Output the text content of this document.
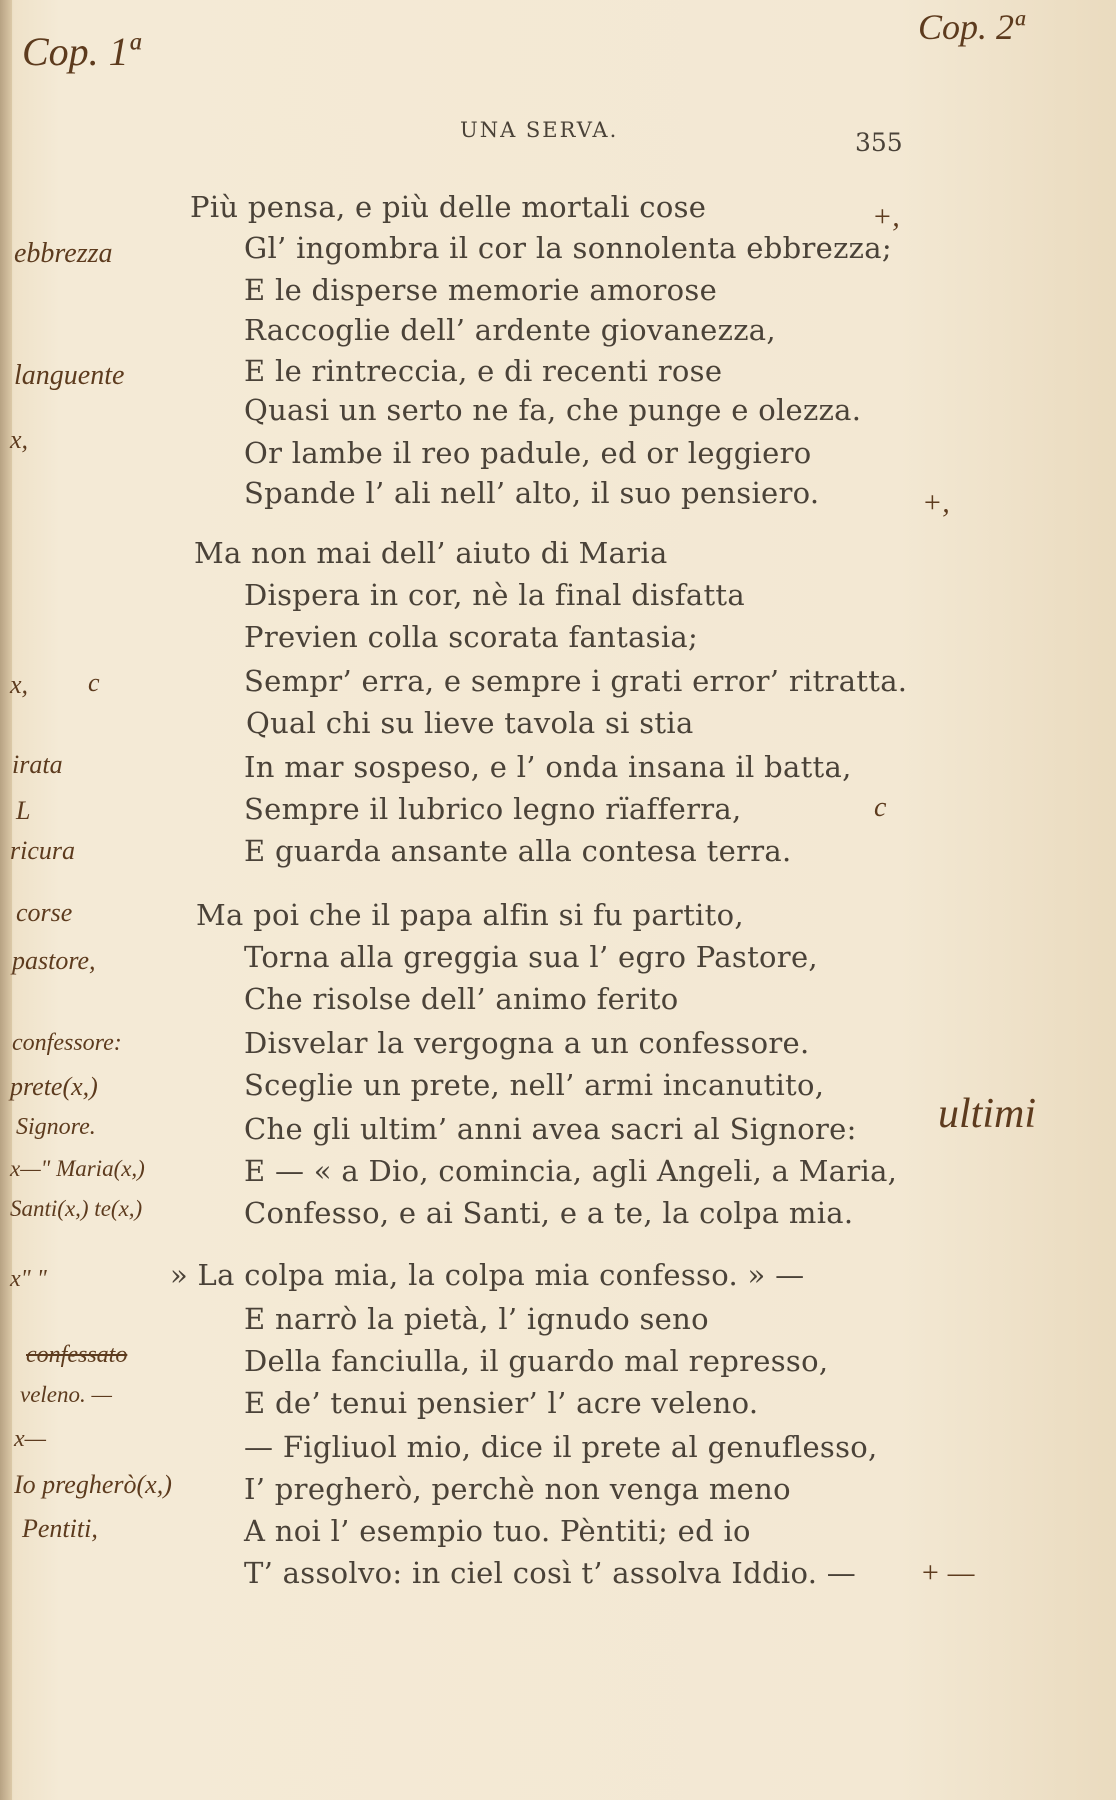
Cop. 1ª
Cop. 2ª
UNA SERVA.	355
Più pensa, e più delle mortali cose
Gl’ ingombra il cor la sonnolenta ebbrezza;
E le disperse memorie amorose
Raccoglie dell’ ardente giovanezza,
E le rintreccia, e di recenti rose
Quasi un serto ne fa, che punge e olezza.
Or lambe il reo padule, ed or leggiero
Spande l’ ali nell’ alto, il suo pensiero.
Ma non mai dell’ aiuto di Maria
Dispera in cor, nè la final disfatta
Previen colla scorata fantasia;
Sempr’ erra, e sempre i grati error’ ritratta.
Qual chi su lieve tavola si stia
In mar sospeso, e l’ onda insana il batta,
Sempre il lubrico legno rïafferra,
E guarda ansante alla contesa terra.
Ma poi che il papa alfin si fu partito,
Torna alla greggia sua l’ egro Pastore,
Che risolse dell’ animo ferito
Disvelar la vergogna a un confessore.
Sceglie un prete, nell’ armi incanutito,
Che gli ultim’ anni avea sacri al Signore:
E — « a Dio, comincia, agli Angeli, a Maria,
Confesso, e ai Santi, e a te, la colpa mia.
» La colpa mia, la colpa mia confesso. » —
E narrò la pietà, l’ ignudo seno
Della fanciulla, il guardo mal represso,
E de’ tenui pensier’ l’ acre veleno.
— Figliuol mio, dice il prete al genuflesso,
I’ pregherò, perchè non venga meno
A noi l’ esempio tuo. Pèntiti; ed io
T’ assolvo: in ciel così t’ assolva Iddio. —
ebbrezza
languente
x,
x, c
irata
L
ricura
corse
pastore,
confessore:
prete(x,)
Signore.
x—" Maria(x,)
Santi(x,) te(x,)
x" "
confessato
veleno. —
x—
Io pregherò(x,)
Pentiti,
+,
+,
c
ultimi
+ —
